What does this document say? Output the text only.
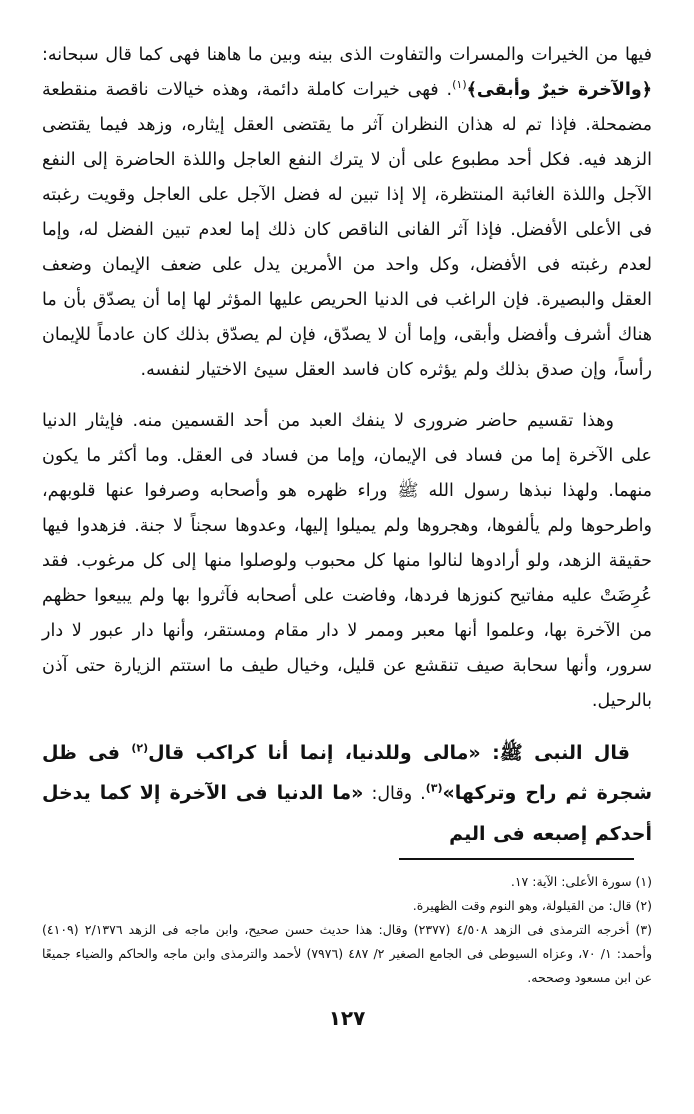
فيها من الخيرات والمسرات والتفاوت الذى بينه وبين ما هاهنا فهى كما قال سبحانه: ﴿والآخرة خيرٌ وأبقى﴾$^{(١)}$. فهى خيرات كاملة دائمة، وهذه خيالات ناقصة منقطعة مضمحلة. فإذا تم له هذان النظران آثر ما يقتضى العقل إيثاره، وزهد فيما يقتضى الزهد فيه. فكل أحد مطبوع على أن لا يترك النفع العاجل واللذة الحاضرة إلى النفع الآجل واللذة الغائبة المنتظرة، إلا إذا تبين له فضل الآجل على العاجل وقويت رغبته فى الأعلى الأفضل. فإذا آثر الفانى الناقص كان ذلك إما لعدم تبين الفضل له، وإما لعدم رغبته فى الأفضل، وكل واحد من الأمرين يدل على ضعف الإيمان وضعف العقل والبصيرة. فإن الراغب فى الدنيا الحريص عليها المؤثر لها إما أن يصدّق بأن ما هناك أشرف وأفضل وأبقى، وإما أن لا يصدّق، فإن لم يصدّق بذلك كان عادماً للإيمان رأساً، وإن صدق بذلك ولم يؤثره كان فاسد العقل سيئ الاختيار لنفسه.

وهذا تقسيم حاضر ضرورى لا ينفك العبد من أحد القسمين منه. فإيثار الدنيا على الآخرة إما من فساد فى الإيمان، وإما من فساد فى العقل. وما أكثر ما يكون منهما. ولهذا نبذها رسول الله ﷺ وراء ظهره هو وأصحابه وصرفوا عنها قلوبهم، واطرحوها ولم يألفوها، وهجروها ولم يميلوا إليها، وعدوها سجناً لا جنة. فزهدوا فيها حقيقة الزهد، ولو أرادوها لنالوا منها كل محبوب ولوصلوا منها إلى كل مرغوب. فقد عُرِضَتْ عليه مفاتيح كنوزها فردها، وفاضت على أصحابه فآثروا بها ولم يبيعوا حظهم من الآخرة بها، وعلموا أنها معبر وممر لا دار مقام ومستقر، وأنها دار عبور لا دار سرور، وأنها سحابة صيف تنقشع عن قليل، وخيال طيف ما استتم الزيارة حتى آذن بالرحيل.

قال النبى ﷺ: «مالى وللدنيا، إنما أنا كراكب قال$^{(٢)}$ فى ظل شجرة ثم راح وتركها»$^{(٣)}$. وقال: «ما الدنيا فى الآخرة إلا كما يدخل أحدكم إصبعه فى اليم

(١) سورة الأعلى: الآية: ١٧.

(٢) قال: من القيلولة، وهو النوم وقت الظهيرة.

(٣) أخرجه الترمذى فى الزهد ٤/٥٠٨ (٢٣٧٧) وقال: هذا حديث حسن صحيح، وابن ماجه فى الزهد ٢/١٣٧٦ (٤١٠٩) وأحمد: ١/ ٧٠، وعزاه السيوطى فى الجامع الصغير ٢/ ٤٨٧ (٧٩٧٦) لأحمد والترمذى وابن ماجه والحاكم والضياء جميعًا عن ابن مسعود وصححه.

١٢٧
